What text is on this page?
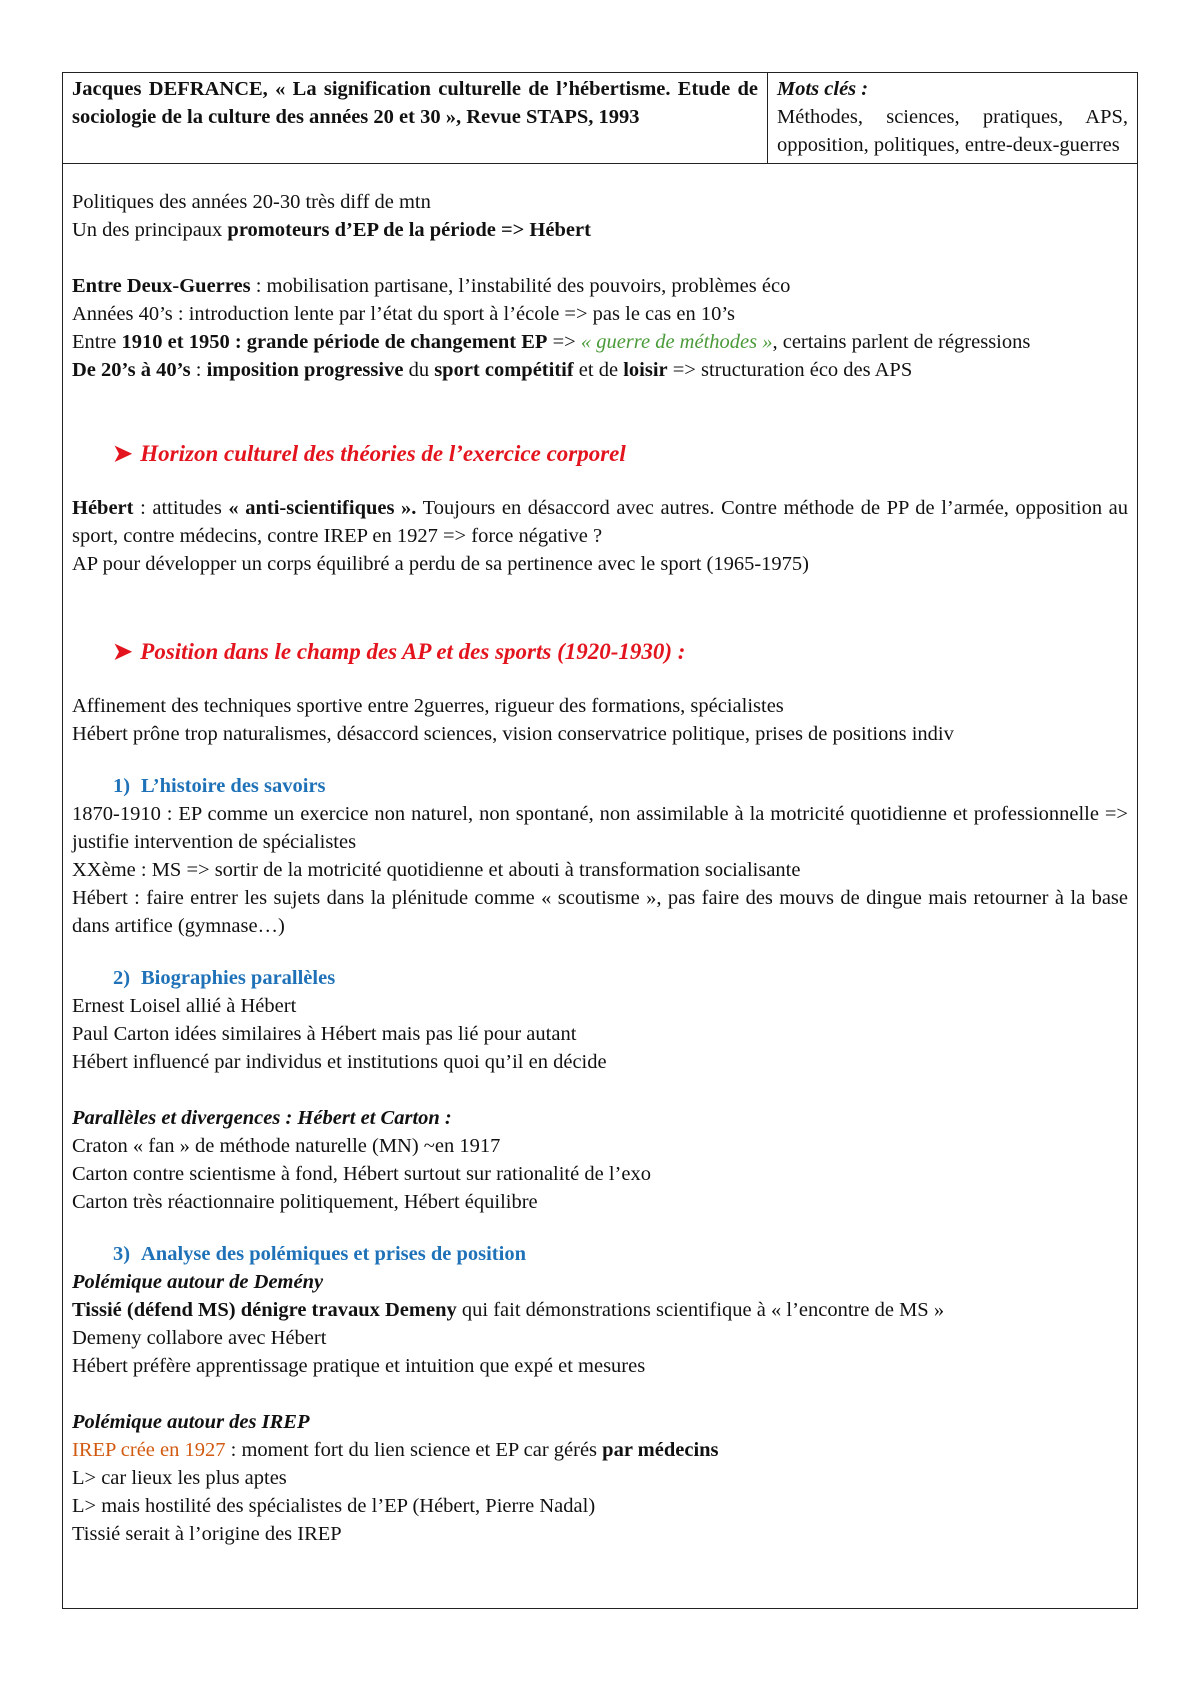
Jacques DEFRANCE, « La signification culturelle de l’hébertisme. Etude de sociologie de la culture des années 20 et 30 », Revue STAPS, 1993	
Mots clés :
Méthodes, sciences, pratiques, APS, opposition, politiques, entre-deux-guerres
Politiques des années 20-30 très diff de mtn
Un des principaux promoteurs d’EP de la période => Hébert
Entre Deux-Guerres : mobilisation partisane, l’instabilité des pouvoirs, problèmes éco
Années 40’s : introduction lente par l’état du sport à l’école => pas le cas en 10’s
Entre 1910 et 1950 : grande période de changement EP => « guerre de méthodes », certains parlent de régressions
De 20’s à 40’s : imposition progressive du sport compétitif et de loisir => structuration éco des APS
➤ Horizon culturel des théories de l’exercice corporel
Hébert : attitudes « anti-scientifiques ». Toujours en désaccord avec autres. Contre méthode de PP de l’armée, opposition au sport, contre médecins, contre IREP en 1927 => force négative ?
AP pour développer un corps équilibré a perdu de sa pertinence avec le sport (1965-1975)
➤ Position dans le champ des AP et des sports (1920-1930) :
Affinement des techniques sportive entre 2guerres, rigueur des formations, spécialistes
Hébert prône trop naturalismes, désaccord sciences, vision conservatrice politique, prises de positions indiv
1) L’histoire des savoirs
1870-1910 : EP comme un exercice non naturel, non spontané, non assimilable à la motricité quotidienne et professionnelle => justifie intervention de spécialistes
XXème : MS => sortir de la motricité quotidienne et abouti à transformation socialisante
Hébert : faire entrer les sujets dans la plénitude comme « scoutisme », pas faire des mouvs de dingue mais retourner à la base dans artifice (gymnase…)
2) Biographies parallèles
Ernest Loisel allié à Hébert
Paul Carton idées similaires à Hébert mais pas lié pour autant
Hébert influencé par individus et institutions quoi qu’il en décide
Parallèles et divergences : Hébert et Carton :
Craton « fan » de méthode naturelle (MN) ~en 1917
Carton contre scientisme à fond, Hébert surtout sur rationalité de l’exo
Carton très réactionnaire politiquement, Hébert équilibre
3) Analyse des polémiques et prises de position
Polémique autour de Demény
Tissié (défend MS) dénigre travaux Demeny qui fait démonstrations scientifique à « l’encontre de MS »
Demeny collabore avec Hébert
Hébert préfère apprentissage pratique et intuition que expé et mesures
Polémique autour des IREP
IREP crée en 1927 : moment fort du lien science et EP car gérés par médecins
L> car lieux les plus aptes
L> mais hostilité des spécialistes de l’EP (Hébert, Pierre Nadal)
Tissié serait à l’origine des IREP
